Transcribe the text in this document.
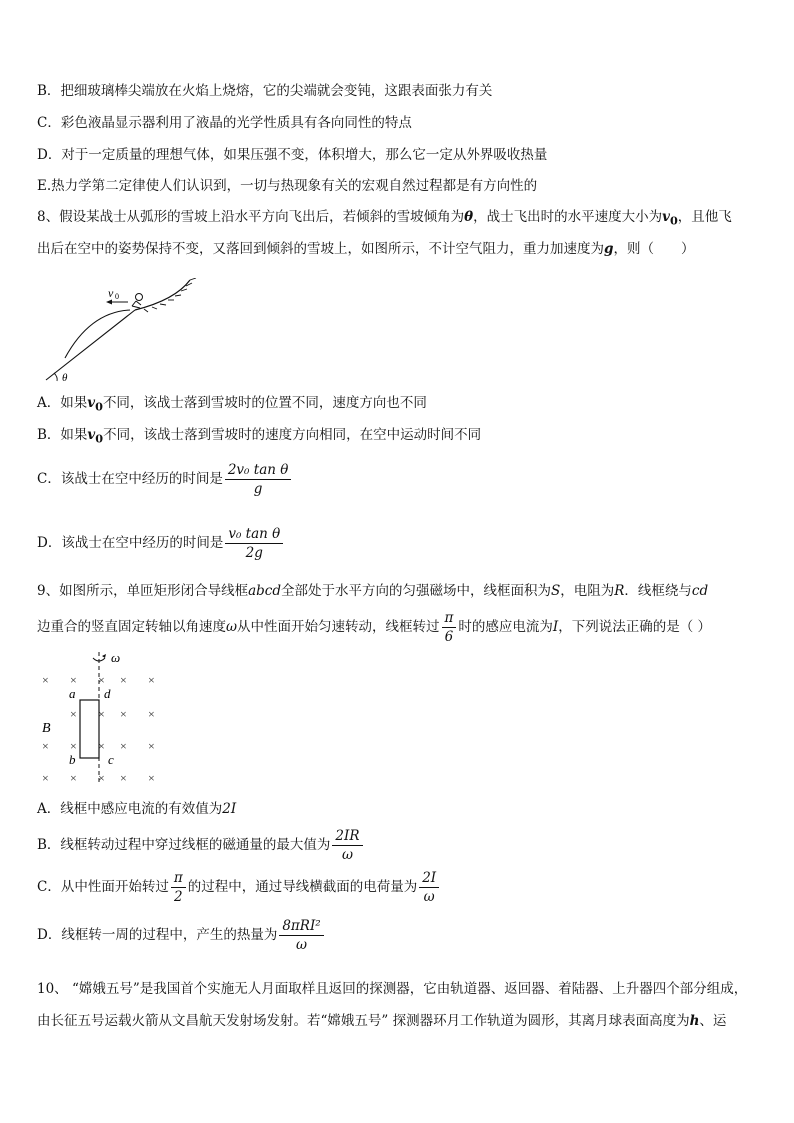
B．把细玻璃棒尖端放在火焰上烧熔，它的尖端就会变钝，这跟表面张力有关
C．彩色液晶显示器利用了液晶的光学性质具有各向同性的特点
D．对于一定质量的理想气体，如果压强不变，体积增大，那么它一定从外界吸收热量
E.热力学第二定律使人们认识到，一切与热现象有关的宏观自然过程都是有方向性的
8、假设某战士从弧形的雪坡上沿水平方向飞出后，若倾斜的雪坡倾角为θ，战士飞出时的水平速度大小为$v_0$，且他飞
出后在空中的姿势保持不变，又落回到倾斜的雪坡上，如图所示，不计空气阻力，重力加速度为g，则（　　）
v 0
θ
A．如果$v_0$不同，该战士落到雪坡时的位置不同，速度方向也不同
B．如果$v_0$不同，该战士落到雪坡时的速度方向相同，在空中运动时间不同
C．该战士在空中经历的时间是 $\frac{\text{2v₀ tan θ}}{g}$
D．该战士在空中经历的时间是 $\frac{\text{v₀ tan θ}}{2g}$
9、如图所示，单匝矩形闭合导线框abcd全部处于水平方向的匀强磁场中，线框面积为S，电阻为R．线框绕与cd
边重合的竖直固定转轴以角速度ω从中性面开始匀速转动，线框转过 $\frac{\pi}{6}$ 时的感应电流为I，下列说法正确的是（ ）
× × × × ×
× × × ×
× × × × ×
× × × × ×
ω
a d
b	c
B
A．线框中感应电流的有效值为2I
B．线框转动过程中穿过线框的磁通量的最大值为 $\frac{2IR}{\omega}$
C．从中性面开始转过 $\frac{\pi}{2}$ 的过程中，通过导线横截面的电荷量为 $\frac{2I}{\omega}$
D．线框转一周的过程中，产生的热量为 $\frac{\text{8πRI²}}{\omega}$
10、 “嫦娥五号”是我国首个实施无人月面取样且返回的探测器，它由轨道器、返回器、着陆器、上升器四个部分组成，
由长征五号运载火箭从文昌航天发射场发射。若“嫦娥五号” 探测器环月工作轨道为圆形，其离月球表面高度为h、运
